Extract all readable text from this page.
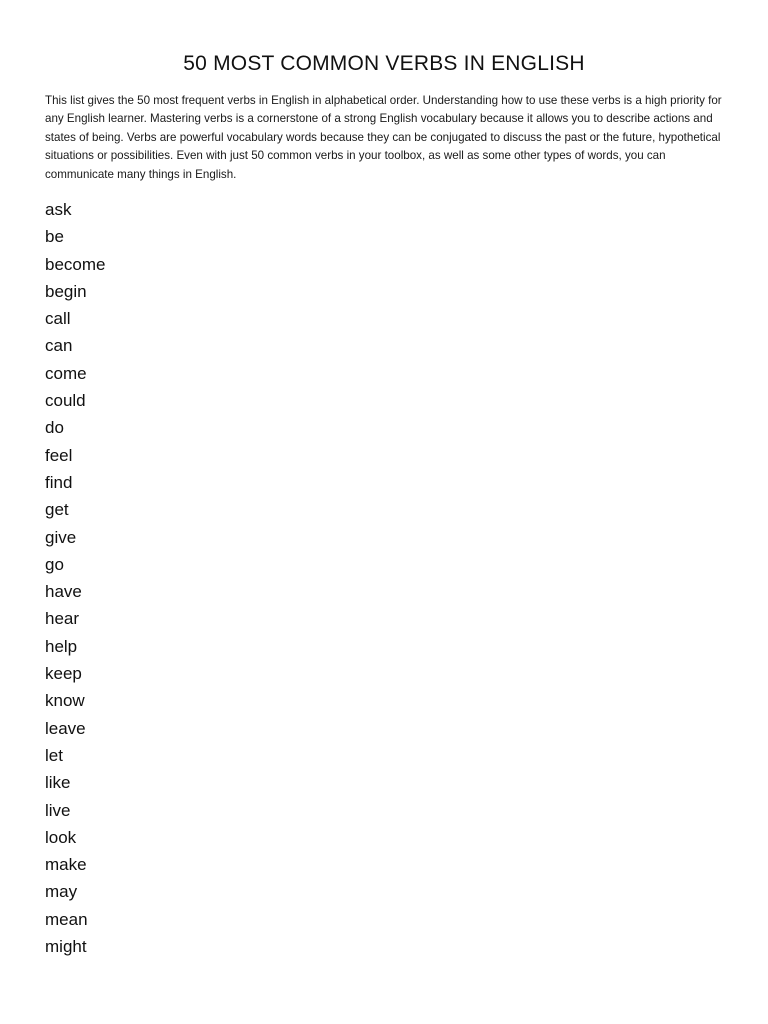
50 MOST COMMON VERBS IN ENGLISH

This list gives the 50 most frequent verbs in English in alphabetical order. Understanding how to use these verbs is a high priority for any English learner. Mastering verbs is a cornerstone of a strong English vocabulary because it allows you to describe actions and states of being. Verbs are powerful vocabulary words because they can be conjugated to discuss the past or the future, hypothetical situations or possibilities. Even with just 50 common verbs in your toolbox, as well as some other types of words, you can communicate many things in English.

ask
be
become
begin
call
can
come
could
do
feel
find
get
give
go
have
hear
help
keep
know
leave
let
like
live
look
make
may
mean
might
